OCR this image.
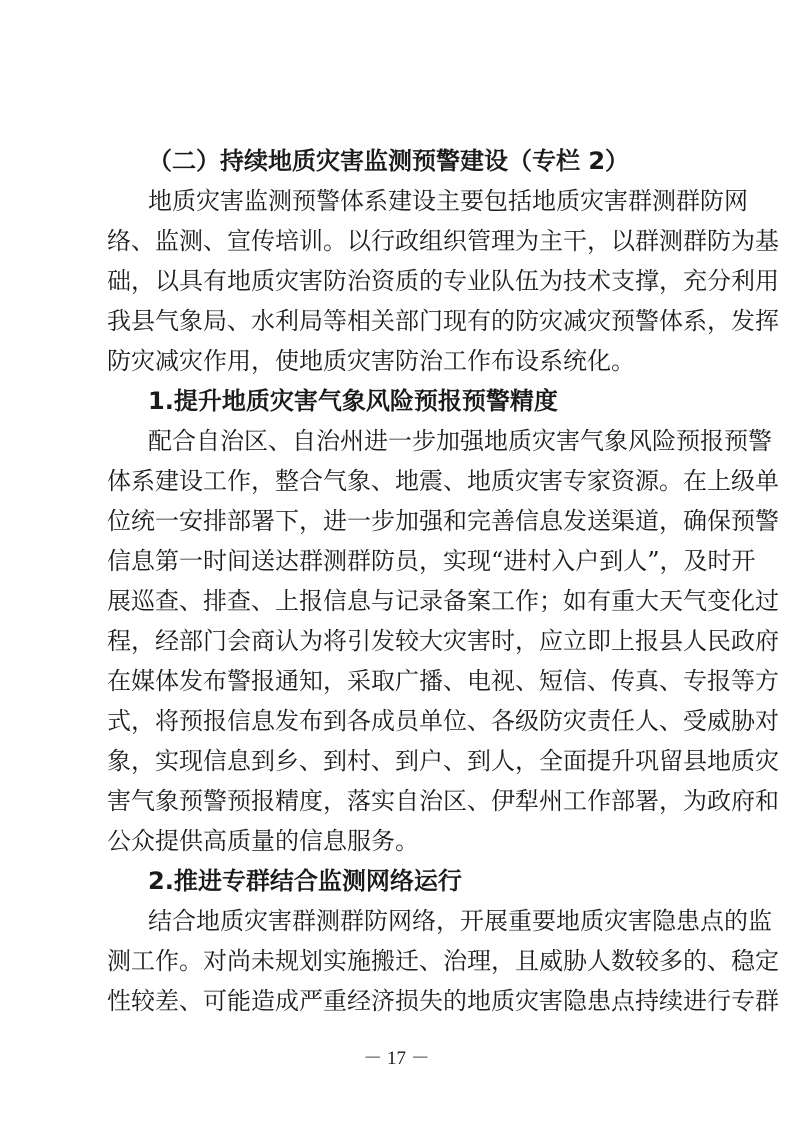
（二）持续地质灾害监测预警建设（专栏 2）
地质灾害监测预警体系建设主要包括地质灾害群测群防网
络、监测、宣传培训。以行政组织管理为主干，以群测群防为基
础，以具有地质灾害防治资质的专业队伍为技术支撑，充分利用
我县气象局、水利局等相关部门现有的防灾减灾预警体系，发挥
防灾减灾作用，使地质灾害防治工作布设系统化。
1.提升地质灾害气象风险预报预警精度
配合自治区、自治州进一步加强地质灾害气象风险预报预警
体系建设工作，整合气象、地震、地质灾害专家资源。在上级单
位统一安排部署下，进一步加强和完善信息发送渠道，确保预警
信息第一时间送达群测群防员，实现“进村入户到人”，及时开
展巡查、排查、上报信息与记录备案工作；如有重大天气变化过
程，经部门会商认为将引发较大灾害时，应立即上报县人民政府
在媒体发布警报通知，采取广播、电视、短信、传真、专报等方
式，将预报信息发布到各成员单位、各级防灾责任人、受威胁对
象，实现信息到乡、到村、到户、到人，全面提升巩留县地质灾
害气象预警预报精度，落实自治区、伊犁州工作部署，为政府和
公众提供高质量的信息服务。
2.推进专群结合监测网络运行
结合地质灾害群测群防网络，开展重要地质灾害隐患点的监
测工作。对尚未规划实施搬迁、治理，且威胁人数较多的、稳定
性较差、可能造成严重经济损失的地质灾害隐患点持续进行专群
－ 17 －
